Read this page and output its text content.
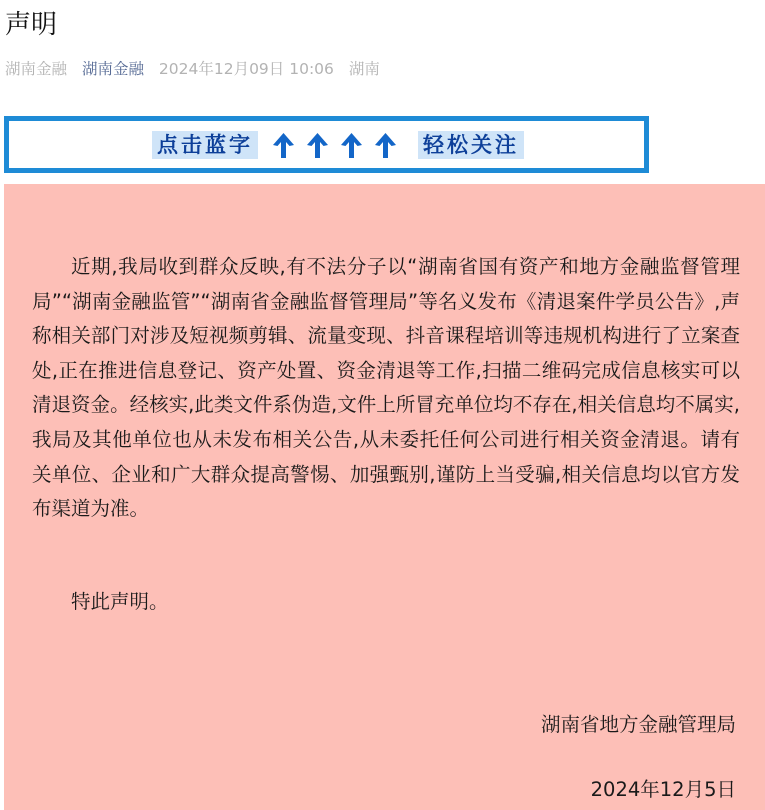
声明
湖南金融 湖南金融 2024年12月09日 10:06 湖南
点击蓝字	轻松关注

近期,我局收到群众反映,有不法分子以“湖南省国有资产和地方金融监督管理局”“湖南金融监管”“湖南省金融监督管理局”等名义发布《清退案件学员公告》,声称相关部门对涉及短视频剪辑、流量变现、抖音课程培训等违规机构进行了立案查处,正在推进信息登记、资产处置、资金清退等工作,扫描二维码完成信息核实可以清退资金。经核实,此类文件系伪造,文件上所冒充单位均不存在,相关信息均不属实,我局及其他单位也从未发布相关公告,从未委托任何公司进行相关资金清退。请有关单位、企业和广大群众提高警惕、加强甄别,谨防上当受骗,相关信息均以官方发布渠道为准。

特此声明。

湖南省地方金融管理局

2024年12月5日
